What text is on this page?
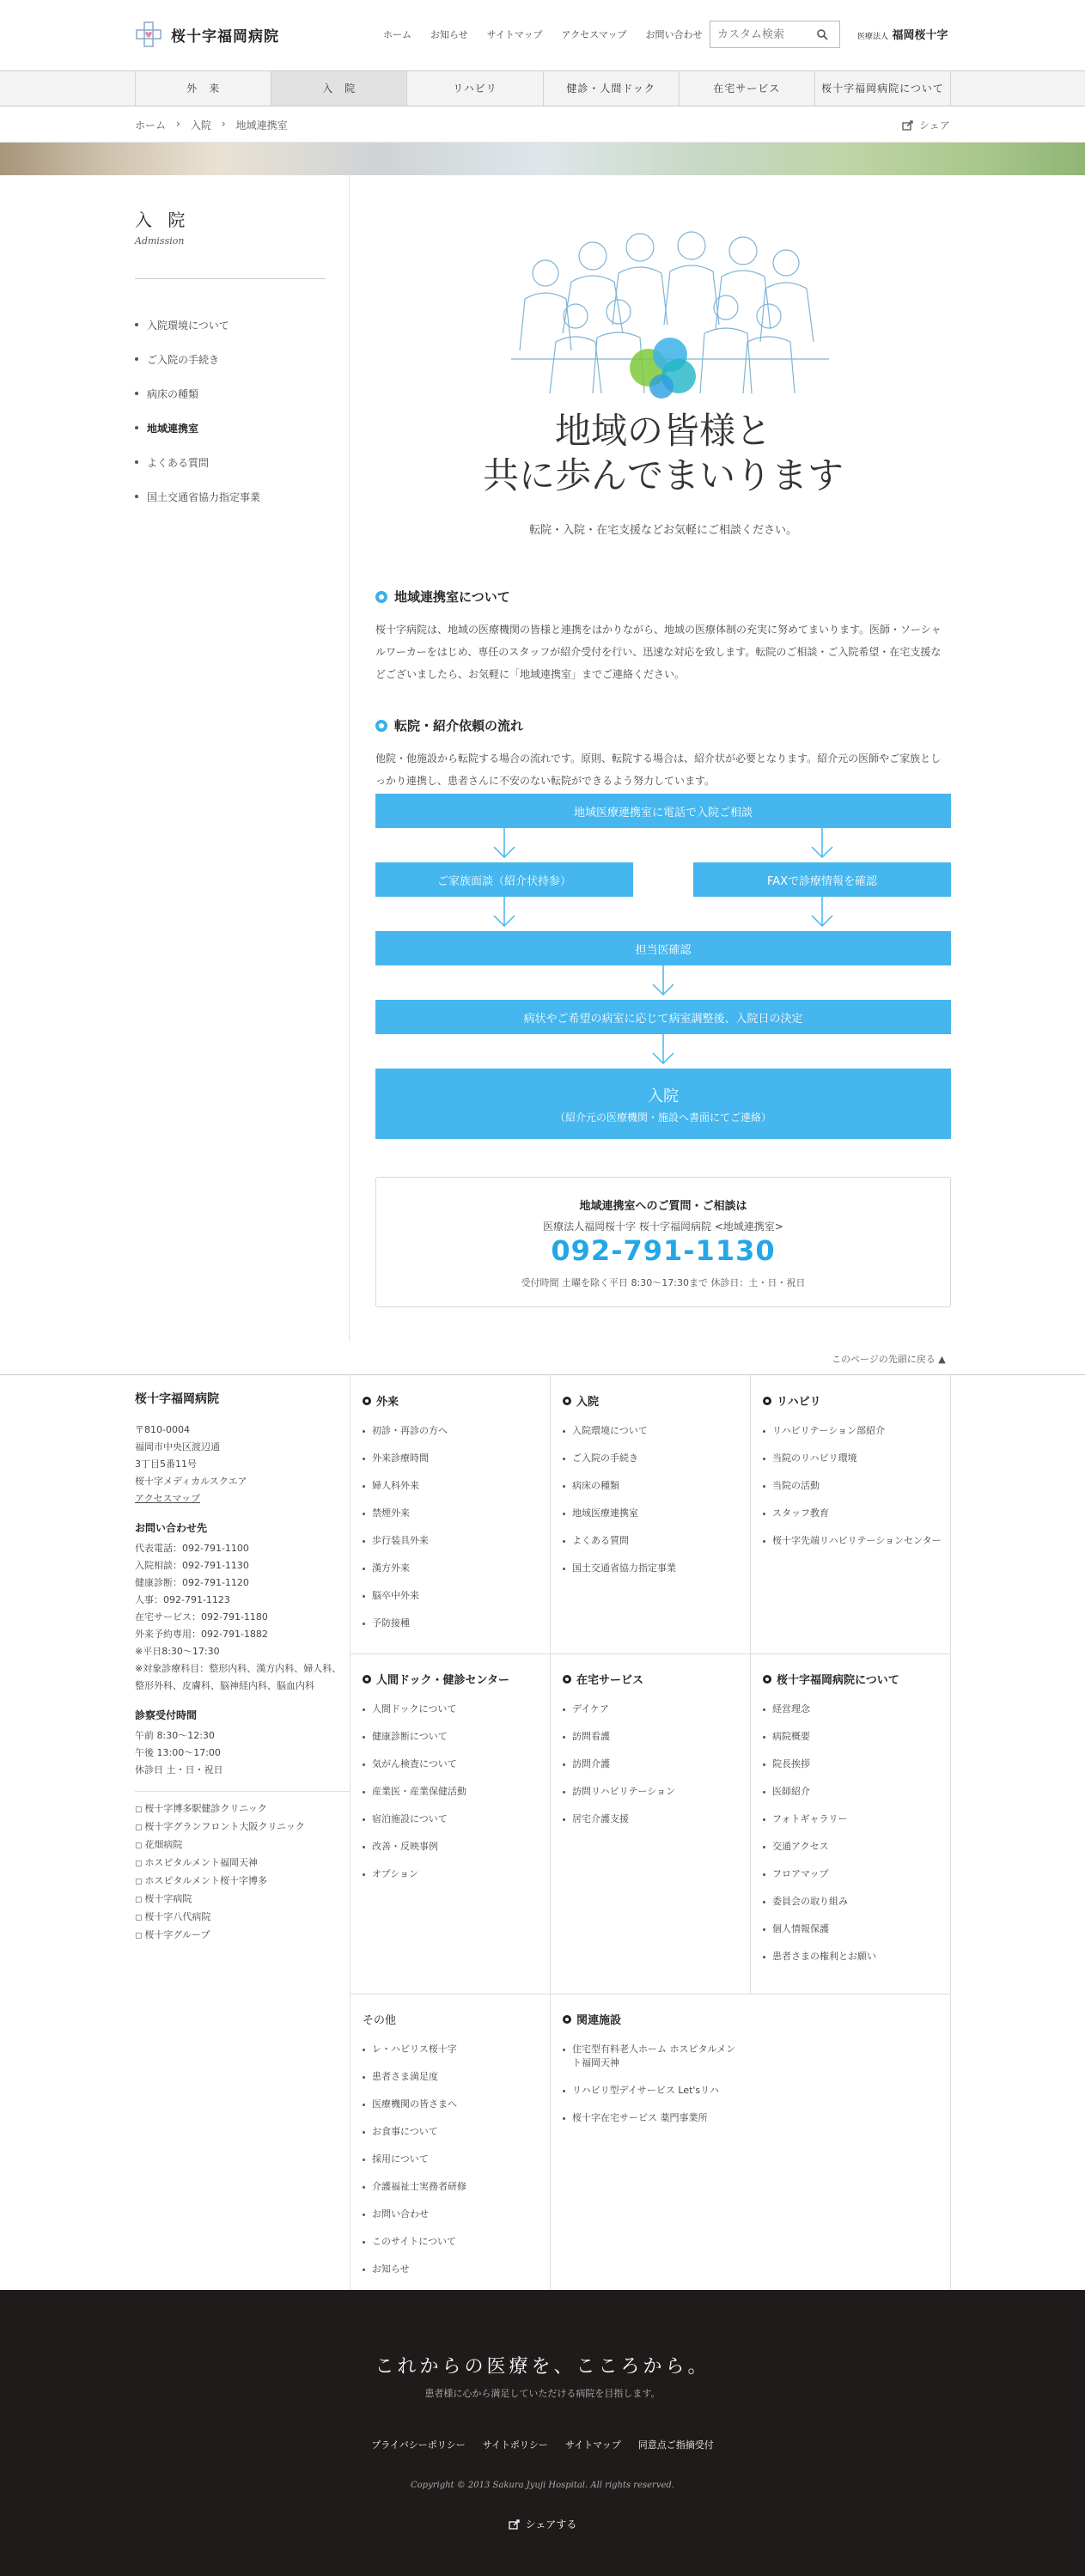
桜十字福岡病院	ホーム お知らせ サイトマップ アクセスマップ お問い合わせ
カスタム検索	医療法人 福岡桜十字
外　来	入　院	リハビリ	健診・人間ドック	在宅サービス	桜十字福岡病院について
ホーム › 入院 › 地域連携室	シェア
入 院
Admission
入院環境について
ご入院の手続き
病床の種類
地域連携室
よくある質問
国土交通省協力指定事業
地域の皆様と
共に歩んでまいります
転院・入院・在宅支援などお気軽にご相談ください。
地域連携室について
桜十字病院は、地域の医療機関の皆様と連携をはかりながら、地域の医療体制の充実に努めてまいります。医師・ソーシャルワーカーをはじめ、専任のスタッフが紹介受付を行い、迅速な対応を致します。転院のご相談・ご入院希望・在宅支援などございましたら、お気軽に「地域連携室」までご連絡ください。
転院・紹介依頼の流れ
他院・他施設から転院する場合の流れです。原則、転院する場合は、紹介状が必要となります。紹介元の医師やご家族としっかり連携し、患者さんに不安のない転院ができるよう努力しています。
地域医療連携室に電話で入院ご相談
ご家族面談（紹介状持参）	FAXで診療情報を確認
担当医確認
病状やご希望の病室に応じて病室調整後、入院日の決定
入院
（紹介元の医療機関・施設へ書面にてご連絡）
地域連携室へのご質問・ご相談は
医療法人福岡桜十字 桜十字福岡病院 <地域連携室>
092-791-1130
受付時間 土曜を除く平日 8:30〜17:30まで 休診日：土・日・祝日
このページの先頭に戻る ▲
桜十字福岡病院
〒810-0004
福岡市中央区渡辺通
3丁目5番11号
桜十字メディカルスクエア
アクセスマップ
お問い合わせ先
代表電話：092-791-1100
入院相談：092-791-1130
健康診断：092-791-1120
人事：092-791-1123
在宅サービス：092-791-1180
外来予約専用：092-791-1882
※平日8:30〜17:30
※対象診療科目：整形内科、漢方内科、婦人科、整形外科、皮膚科、脳神経内科、脳血内科
診察受付時間
午前 8:30〜12:30
午後 13:00〜17:00
休診日 土・日・祝日
▢ 桜十字博多駅健診クリニック
▢ 桜十字グランフロント大阪クリニック
▢ 花畑病院
▢ ホスピタルメント福岡天神
▢ ホスピタルメント桜十字博多
▢ 桜十字病院
▢ 桜十字八代病院
▢ 桜十字グループ
外来
初診・再診の方へ
外来診療時間
婦人科外来
禁煙外来
歩行装具外来
漢方外来
脳卒中外来
予防接種
入院
入院環境について
ご入院の手続き
病床の種類
地域医療連携室
よくある質問
国土交通省協力指定事業
リハビリ
リハビリテーション部紹介
当院のリハビリ環境
当院の活動
スタッフ教育
桜十字先端リハビリテーションセンター
人間ドック・健診センター
人間ドックについて
健康診断について
気がん検査について
産業医・産業保健活動
宿泊施設について
改善・反映事例
オプション
在宅サービス
デイケア
訪問看護
訪問介護
訪問リハビリテーション
居宅介護支援
桜十字福岡病院について
経営理念
病院概要
院長挨拶
医師紹介
フォトギャラリー
交通アクセス
フロアマップ
委員会の取り組み
個人情報保護
患者さまの権利とお願い
その他
レ・ハビリス桜十字
患者さま満足度
医療機関の皆さまへ
お食事について
採用について
介護福祉士実務者研修
お問い合わせ
このサイトについて
お知らせ
関連施設
住宅型有料老人ホーム ホスピタルメント福岡天神
リハビリ型デイサービス Let'sリハ
桜十字在宅サービス 薬門事業所
これからの医療を、こころから。
患者様に心から満足していただける病院を目指します。
プライバシーポリシー サイトポリシー サイトマップ 同意点ご指摘受付
Copyright © 2013 Sakura Jyuji Hospital. All rights reserved.
シェアする
